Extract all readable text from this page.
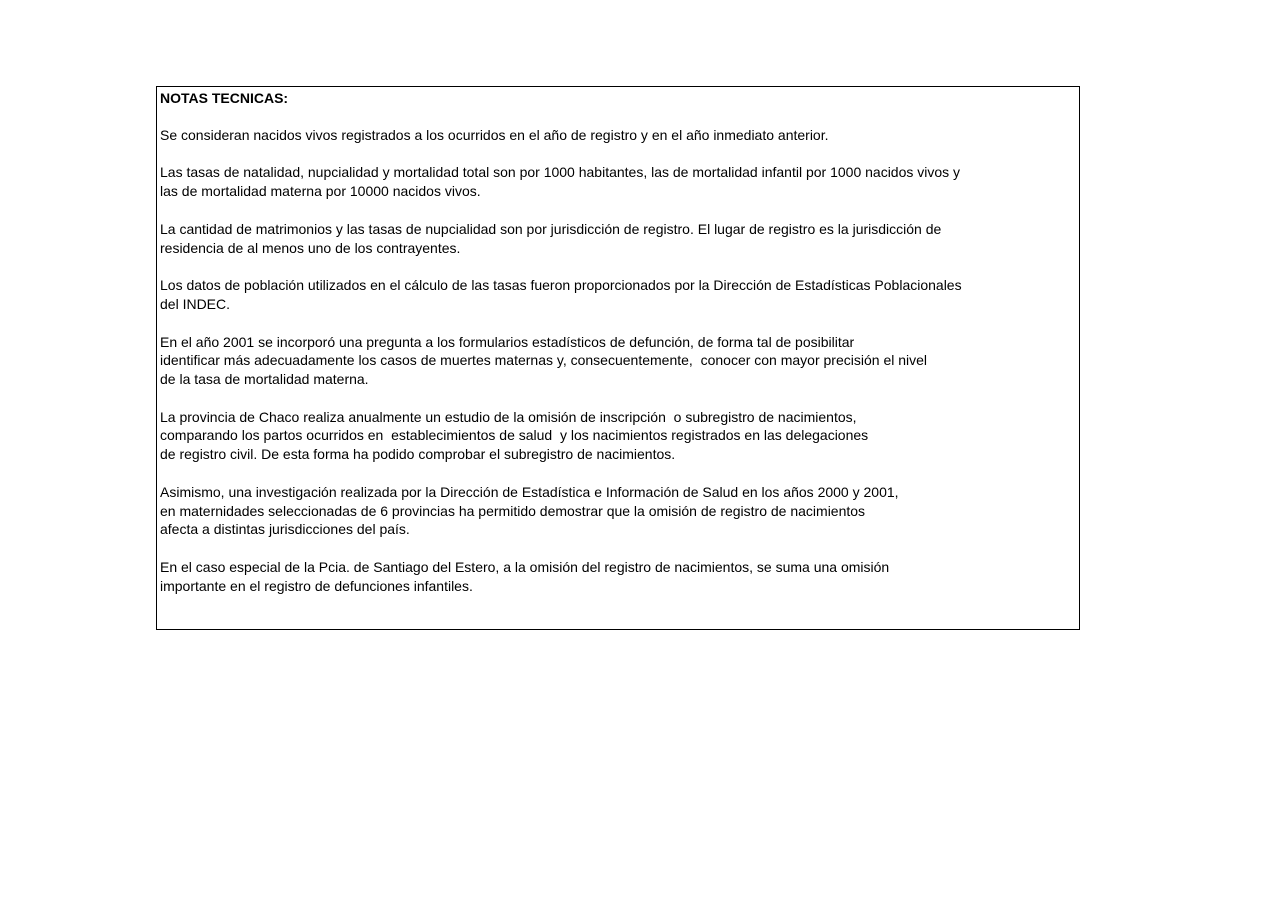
NOTAS TECNICAS:
Se consideran nacidos vivos registrados a los ocurridos en el año de registro y en el año inmediato anterior.
Las tasas de natalidad, nupcialidad y mortalidad total son por 1000 habitantes, las de mortalidad infantil por 1000 nacidos vivos y
las de mortalidad materna por 10000 nacidos vivos.
La cantidad de matrimonios y las tasas de nupcialidad son por jurisdicción de registro. El lugar de registro es la jurisdicción de
residencia de al menos uno de los contrayentes.
Los datos de población utilizados en el cálculo de las tasas fueron proporcionados por la Dirección de Estadísticas Poblacionales
del INDEC.
En el año 2001 se incorporó una pregunta a los formularios estadísticos de defunción, de forma tal de posibilitar
identificar más adecuadamente los casos de muertes maternas y, consecuentemente,  conocer con mayor precisión el nivel
de la tasa de mortalidad materna.
La provincia de Chaco realiza anualmente un estudio de la omisión de inscripción  o subregistro de nacimientos,
comparando los partos ocurridos en  establecimientos de salud  y los nacimientos registrados en las delegaciones
de registro civil. De esta forma ha podido comprobar el subregistro de nacimientos.
Asimismo, una investigación realizada por la Dirección de Estadística e Información de Salud en los años 2000 y 2001,
en maternidades seleccionadas de 6 provincias ha permitido demostrar que la omisión de registro de nacimientos
afecta a distintas jurisdicciones del país.
En el caso especial de la Pcia. de Santiago del Estero, a la omisión del registro de nacimientos, se suma una omisión
importante en el registro de defunciones infantiles.
